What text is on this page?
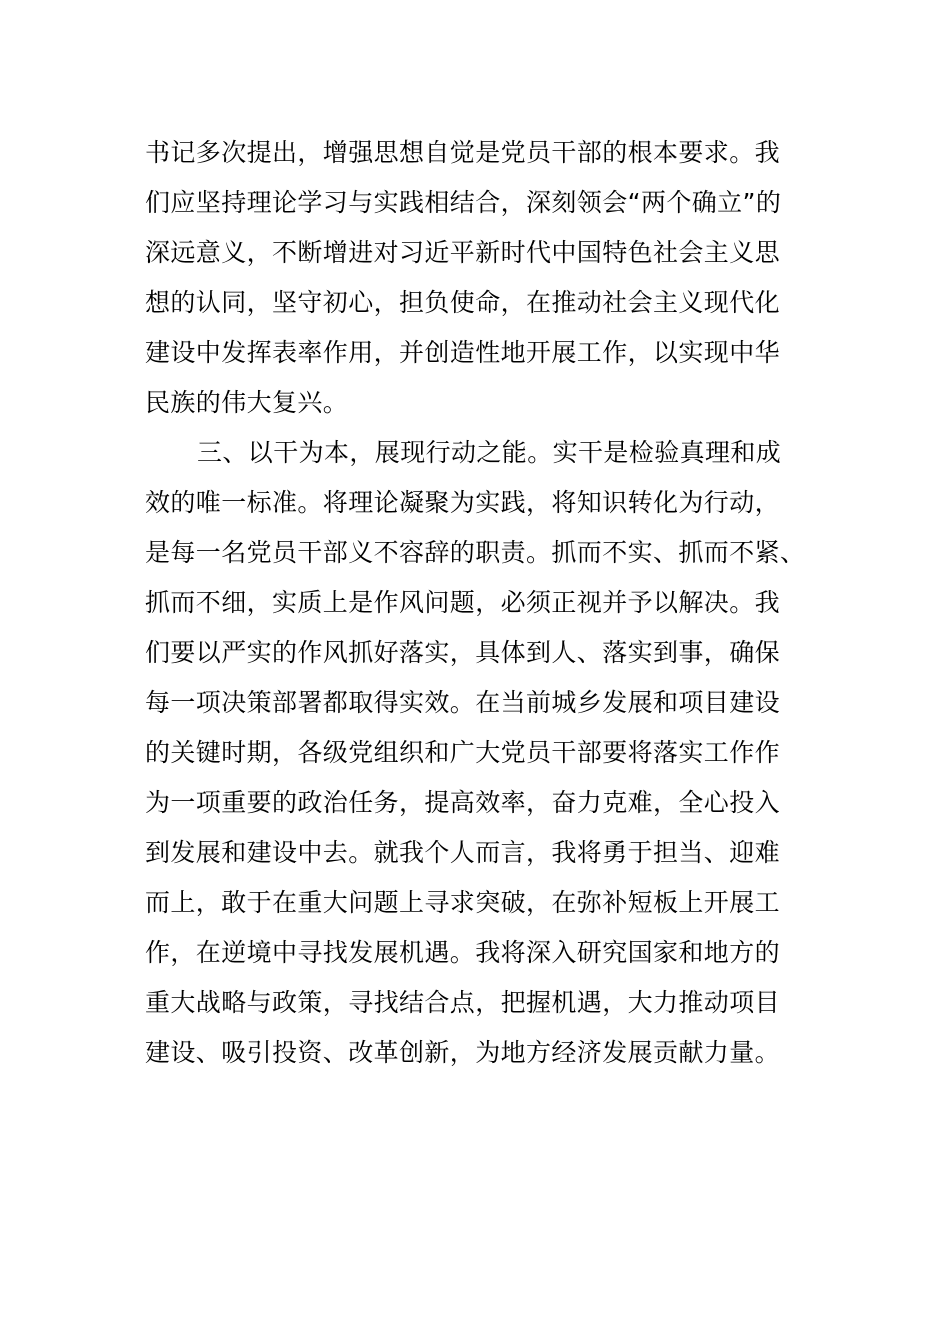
书记多次提出，增强思想自觉是党员干部的根本要求。我
们应坚持理论学习与实践相结合，深刻领会“两个确立”的
深远意义，不断增进对习近平新时代中国特色社会主义思
想的认同，坚守初心，担负使命，在推动社会主义现代化
建设中发挥表率作用，并创造性地开展工作，以实现中华
民族的伟大复兴。
三、以干为本，展现行动之能。实干是检验真理和成
效的唯一标准。将理论凝聚为实践，将知识转化为行动，
是每一名党员干部义不容辞的职责。抓而不实、抓而不紧、
抓而不细，实质上是作风问题，必须正视并予以解决。我
们要以严实的作风抓好落实，具体到人、落实到事，确保
每一项决策部署都取得实效。在当前城乡发展和项目建设
的关键时期，各级党组织和广大党员干部要将落实工作作
为一项重要的政治任务，提高效率，奋力克难，全心投入
到发展和建设中去。就我个人而言，我将勇于担当、迎难
而上，敢于在重大问题上寻求突破，在弥补短板上开展工
作，在逆境中寻找发展机遇。我将深入研究国家和地方的
重大战略与政策，寻找结合点，把握机遇，大力推动项目
建设、吸引投资、改革创新，为地方经济发展贡献力量。
